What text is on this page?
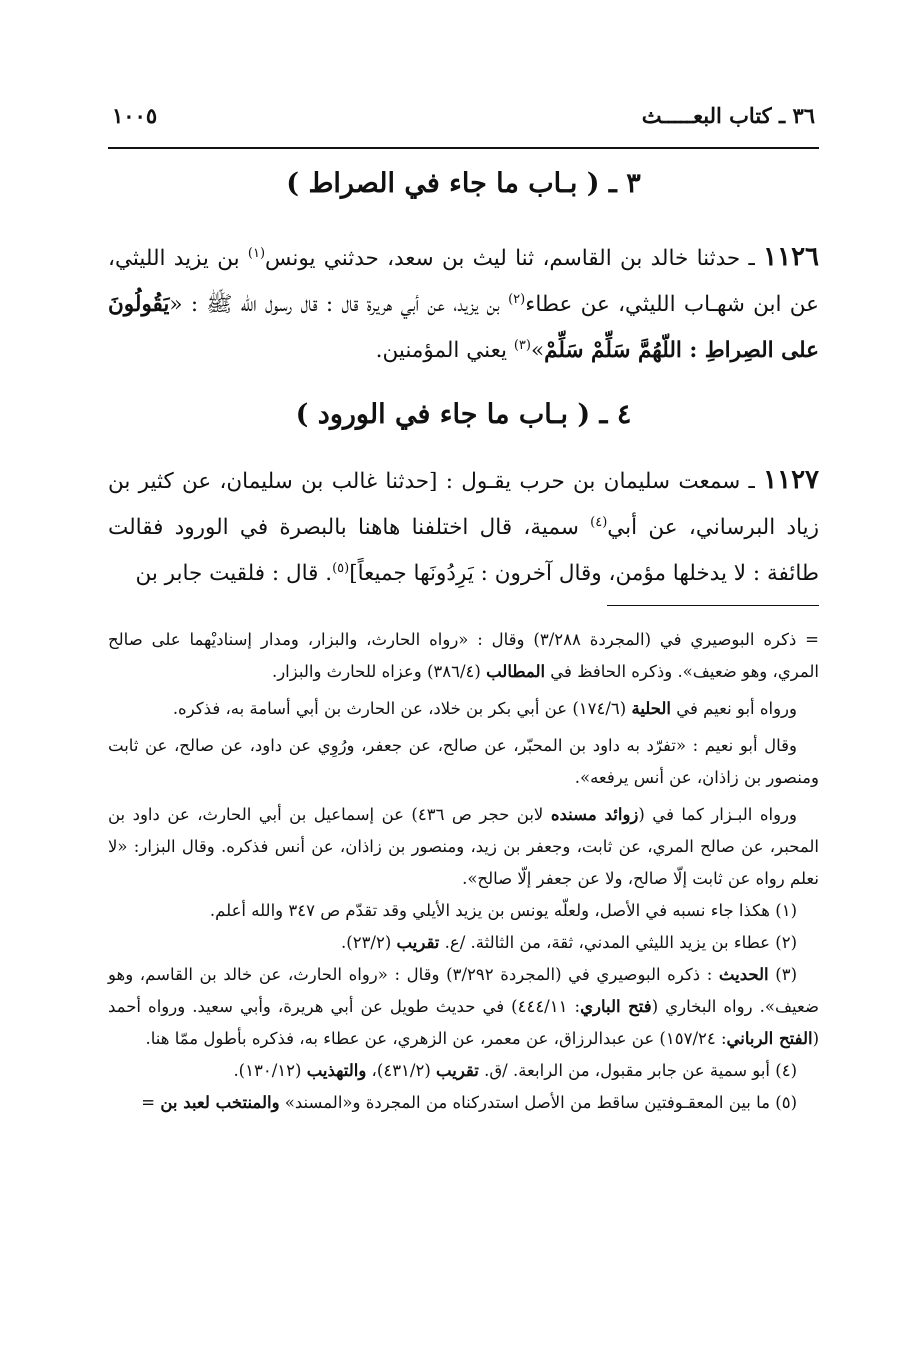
٣٦ ـ كتاب البعـــــث
١٠٠٥
٣ ـ ( بـاب ما جاء في الصراط )

١١٢٦ ـ حدثنا خالد بن القاسم، ثنا ليث بن سعد، حدثني يونس$^{(١)}$ بن يزيد الليثي، عن ابن شهـاب الليثي، عن عطاء$^{(٢)}$ بن يزيد، عن أبي هريرة قال : قال رسول الله ﷺ : «يَقُولُونَ على الصِراطِ : اللّهُمَّ سَلِّمْ سَلِّمْ»$^{(٣)}$ يعني المؤمنين.

٤ ـ ( بـاب ما جاء في الورود )

١١٢٧ ـ سمعت سليمان بن حرب يقـول : [حدثنا غالب بن سليمان، عن كثير بن زياد البرساني، عن أبي$^{(٤)}$ سمية، قال اختلفنا هاهنا بالبصرة في الورود فقالت طائفة : لا يدخلها مؤمن، وقال آخرون : يَرِدُونَها جميعاً]$^{(٥)}$. قال : فلقيت جابر بن

= ذكره البوصيري في (المجردة ٣/٢٨٨) وقال : «رواه الحارث، والبزار، ومدار إسناديْهما على صالح المري، وهو ضعيف». وذكره الحافظ في المطالب (٣٨٦/٤) وعزاه للحارث والبزار.

ورواه أبو نعيم في الحلية (١٧٤/٦) عن أبي بكر بن خلاد، عن الحارث بن أبي أسامة به، فذكره.

وقال أبو نعيم : «تفرّد به داود بن المحبّر، عن صالح، عن جعفر، ورُوِي عن داود، عن صالح، عن ثابت ومنصور بن زاذان، عن أنس يرفعه».

ورواه البـزار كما في (زوائد مسنده لابن حجر ص ٤٣٦) عن إسماعيل بن أبي الحارث، عن داود بن المحبر، عن صالح المري، عن ثابت، وجعفر بن زيد، ومنصور بن زاذان، عن أنس فذكره. وقال البزار: «لا نعلم رواه عن ثابت إلّا صالح، ولا عن جعفر إلّا صالح».

(١) هكذا جاء نسبه في الأصل، ولعلّه يونس بن يزيد الأيلي وقد تقدّم ص ٣٤٧ والله أعلم.

(٢) عطاء بن يزيد الليثي المدني، ثقة، من الثالثة. /ع. تقريب (٢٣/٢).

(٣) الحديث : ذكره البوصيري في (المجردة ٣/٢٩٢) وقال : «رواه الحارث، عن خالد بن القاسم، وهو ضعيف». رواه البخاري (فتح الباري: ٤٤٤/١١) في حديث طويل عن أبي هريرة، وأبي سعيد. ورواه أحمد (الفتح الرباني: ١٥٧/٢٤) عن عبدالرزاق، عن معمر، عن الزهري، عن عطاء به، فذكره بأطول ممّا هنا.

(٤) أبو سمية عن جابر مقبول، من الرابعة. /ق. تقريب (٤٣١/٢)، والتهذيب (١٣٠/١٢).

(٥) ما بين المعقـوفتين ساقط من الأصل استدركناه من المجردة و«المسند» والمنتخب لعبد بن =
